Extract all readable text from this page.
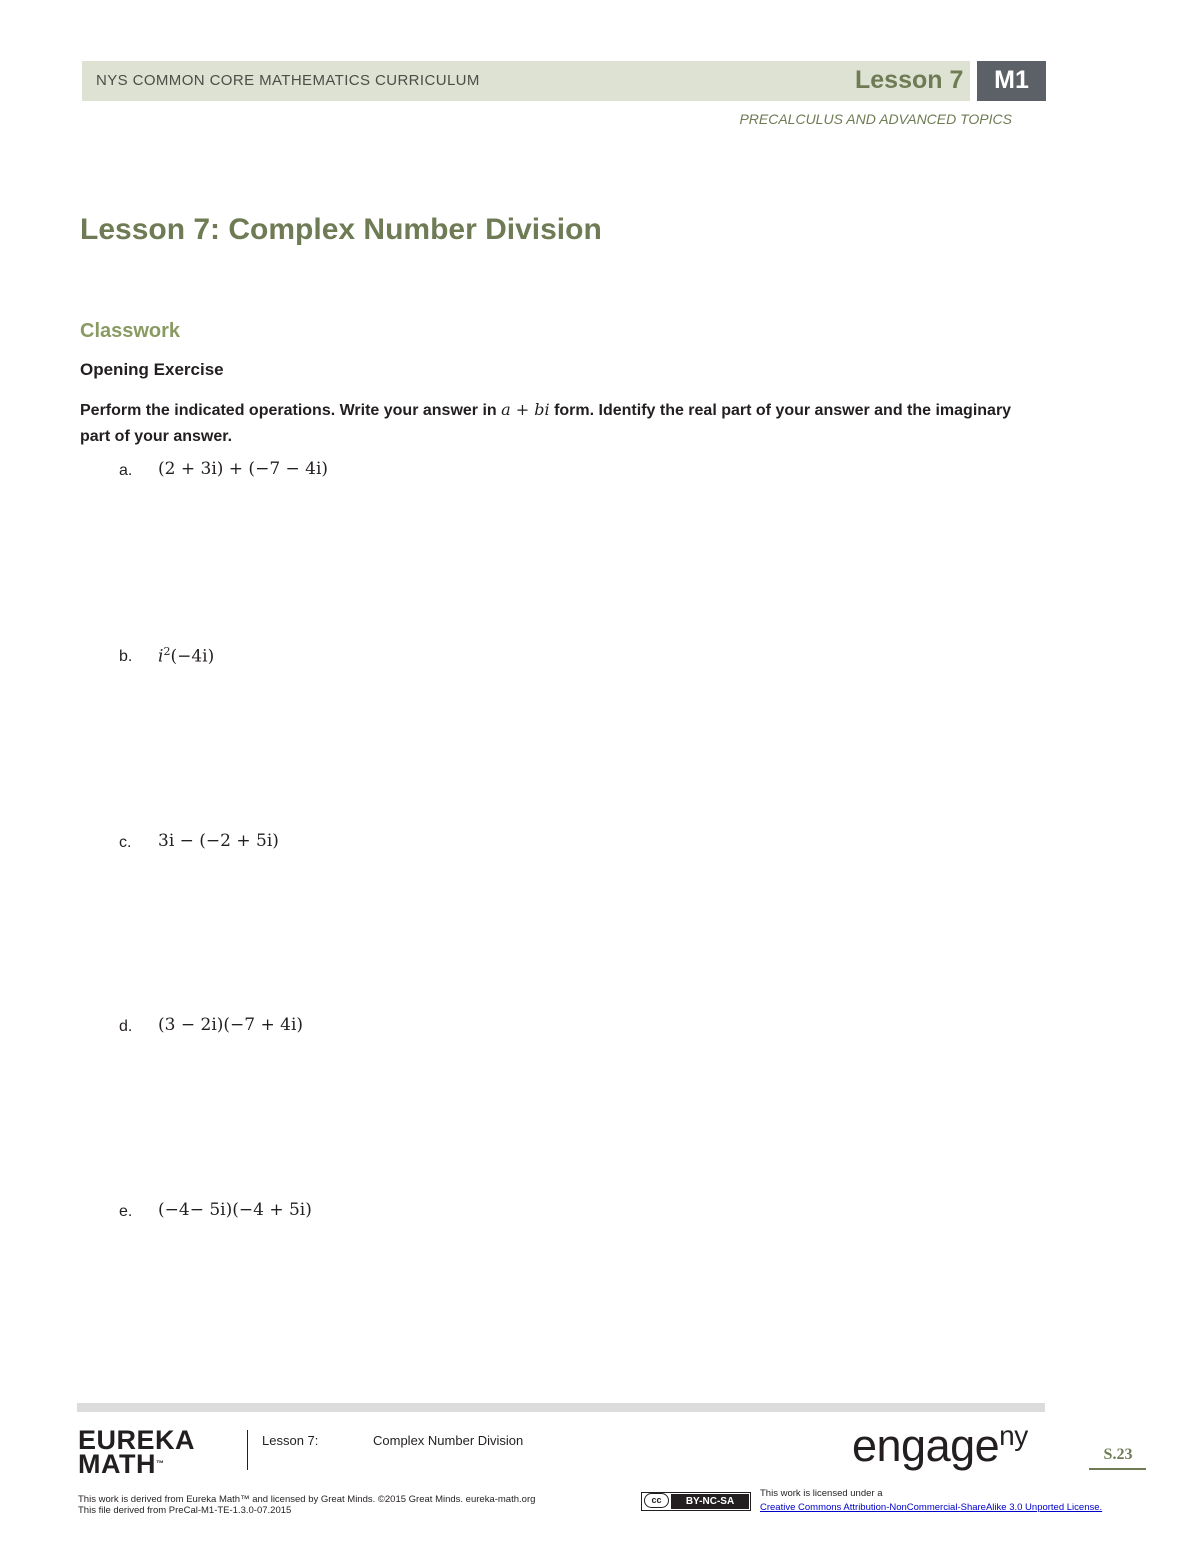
NYS COMMON CORE MATHEMATICS CURRICULUM	Lesson 7	M1
PRECALCULUS AND ADVANCED TOPICS
Lesson 7: Complex Number Division
Classwork
Opening Exercise
Perform the indicated operations. Write your answer in a + bi form. Identify the real part of your answer and the imaginary part of your answer.
a. (2 + 3i) + (−7 − 4i)
b. $i^2(-4i)$
c. 3i − (−2 + 5i)
d. (3 − 2i)(−7 + 4i)
e. (−4− 5i)(−4 + 5i)
EUREKA
MATH™
Lesson 7:	Complex Number Division	engage$^{ny}$
S.23
This work is derived from Eureka Math™ and licensed by Great Minds. ©2015 Great Minds. eureka-math.org
This file derived from PreCal-M1-TE-1.3.0-07.2015
cc	BY-NC-SA
This work is licensed under a
Creative Commons Attribution-NonCommercial-ShareAlike 3.0 Unported License.
